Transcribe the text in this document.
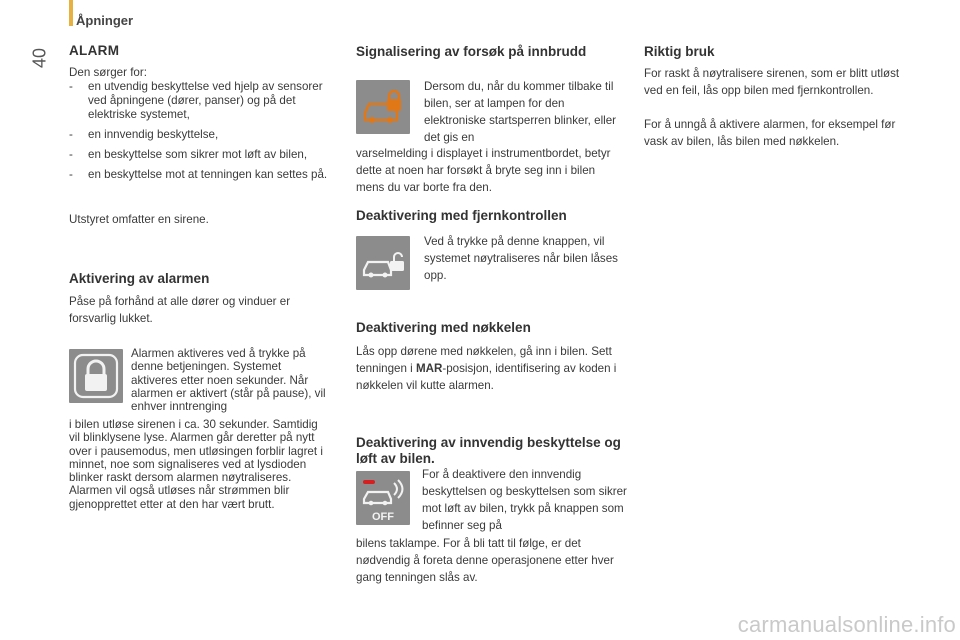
Åpninger
40 ALARM

Den sørger for:

- en utvendig beskyttelse ved hjelp av sensorer ved åpningene (dører, panser) og på det elektriske systemet,
- en innvendig beskyttelse,
- en beskyttelse som sikrer mot løft av bilen,
- en beskyttelse mot at tenningen kan settes på.

Utstyret omfatter en sirene.

Aktivering av alarmen

Påse på forhånd at alle dører og vinduer er forsvarlig lukket.

Alarmen aktiveres ved å trykke på denne betjeningen. Systemet aktiveres etter noen sekunder. Når alarmen er aktivert (står på pause), vil enhver inntrenging

i bilen utløse sirenen i ca. 30 sekunder. Samtidig vil blinklysene lyse. Alarmen går deretter på nytt over i pausemodus, men utløsingen forblir lagret i minnet, noe som signaliseres ved at lysdioden blinker raskt dersom alarmen nøytraliseres. Alarmen vil også utløses når strømmen blir gjenopprettet etter at den har vært brutt.

Signalisering av forsøk på innbrudd

Dersom du, når du kommer tilbake til bilen, ser at lampen for den elektroniske startsperren blinker, eller det gis en

varselmelding i displayet i instrumentbordet, betyr dette at noen har forsøkt å bryte seg inn i bilen mens du var borte fra den.

Deaktivering med fjernkontrollen

Ved å trykke på denne knappen, vil systemet nøytraliseres når bilen låses opp.

Deaktivering med nøkkelen

Lås opp dørene med nøkkelen, gå inn i bilen. Sett tenningen i MAR-posisjon, identifisering av koden i nøkkelen vil kutte alarmen.

Deaktivering av innvendig beskyttelse og løft av bilen.
OFF

For å deaktivere den innvendig beskyttelsen og beskyttelsen som sikrer mot løft av bilen, trykk på knappen som befinner seg på

bilens taklampe. For å bli tatt til følge, er det nødvendig å foreta denne operasjonene etter hver gang tenningen slås av.

Riktig bruk

For raskt å nøytralisere sirenen, som er blitt utløst ved en feil, lås opp bilen med fjernkontrollen.

For å unngå å aktivere alarmen, for eksempel før vask av bilen, lås bilen med nøkkelen.

carmanualsonline.info
